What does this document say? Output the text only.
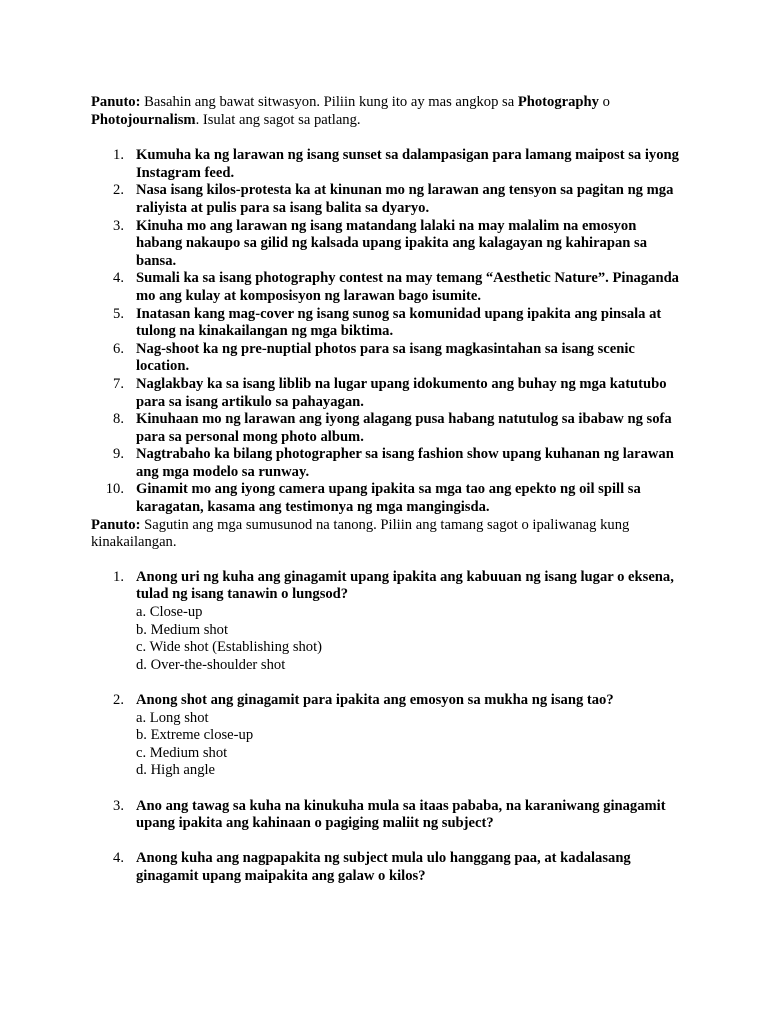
Panuto: Basahin ang bawat sitwasyon. Piliin kung ito ay mas angkop sa Photography o Photojournalism. Isulat ang sagot sa patlang.

1. Kumuha ka ng larawan ng isang sunset sa dalampasigan para lamang maipost sa iyong Instagram feed.
2. Nasa isang kilos-protesta ka at kinunan mo ng larawan ang tensyon sa pagitan ng mga raliyista at pulis para sa isang balita sa dyaryo.
3. Kinuha mo ang larawan ng isang matandang lalaki na may malalim na emosyon habang nakaupo sa gilid ng kalsada upang ipakita ang kalagayan ng kahirapan sa bansa.
4. Sumali ka sa isang photography contest na may temang “Aesthetic Nature”. Pinaganda mo ang kulay at komposisyon ng larawan bago isumite.
5. Inatasan kang mag-cover ng isang sunog sa komunidad upang ipakita ang pinsala at tulong na kinakailangan ng mga biktima.
6. Nag-shoot ka ng pre-nuptial photos para sa isang magkasintahan sa isang scenic location.
7. Naglakbay ka sa isang liblib na lugar upang idokumento ang buhay ng mga katutubo para sa isang artikulo sa pahayagan.
8. Kinuhaan mo ng larawan ang iyong alagang pusa habang natutulog sa ibabaw ng sofa para sa personal mong photo album.
9. Nagtrabaho ka bilang photographer sa isang fashion show upang kuhanan ng larawan ang mga modelo sa runway.
10. Ginamit mo ang iyong camera upang ipakita sa mga tao ang epekto ng oil spill sa karagatan, kasama ang testimonya ng mga mangingisda.

Panuto: Sagutin ang mga sumusunod na tanong. Piliin ang tamang sagot o ipaliwanag kung kinakailangan.

1. Anong uri ng kuha ang ginagamit upang ipakita ang kabuuan ng isang lugar o eksena, tulad ng isang tanawin o lungsod?
a. Close-up
b. Medium shot
c. Wide shot (Establishing shot)
d. Over-the-shoulder shot
2. Anong shot ang ginagamit para ipakita ang emosyon sa mukha ng isang tao?
a. Long shot
b. Extreme close-up
c. Medium shot
d. High angle
3. Ano ang tawag sa kuha na kinukuha mula sa itaas pababa, na karaniwang ginagamit upang ipakita ang kahinaan o pagiging maliit ng subject?
4. Anong kuha ang nagpapakita ng subject mula ulo hanggang paa, at kadalasang ginagamit upang maipakita ang galaw o kilos?
